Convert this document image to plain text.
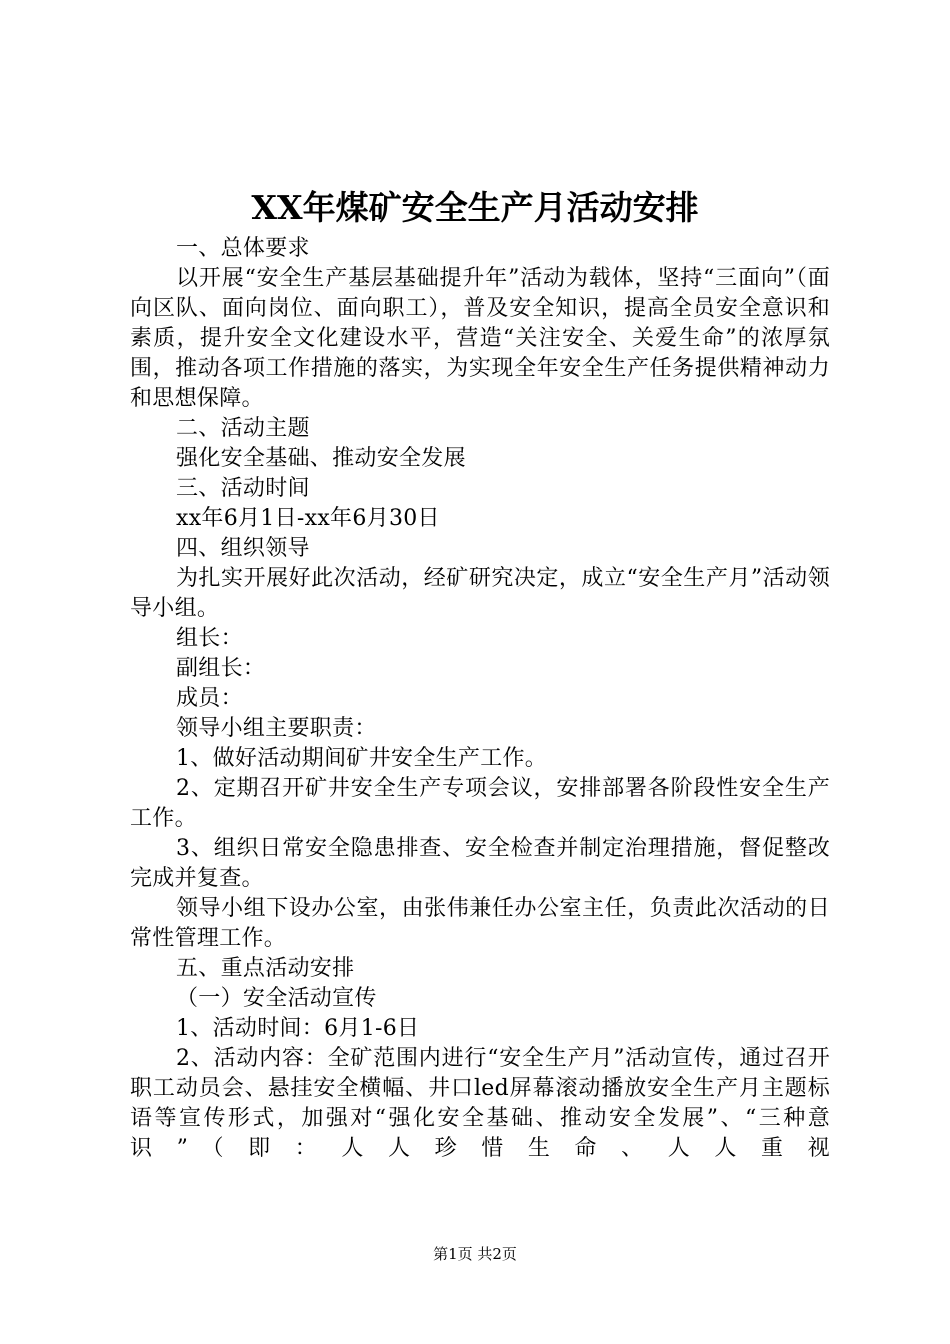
XX年煤矿安全生产月活动安排

一、总体要求

以开展“安全生产基层基础提升年”活动为载体，坚持“三面向”（面向区队、面向岗位、面向职工），普及安全知识，提高全员安全意识和素质，提升安全文化建设水平，营造“关注安全、关爱生命”的浓厚氛围，推动各项工作措施的落实，为实现全年安全生产任务提供精神动力和思想保障。

二、活动主题

强化安全基础、推动安全发展

三、活动时间

xx年6月1日-xx年6月30日

四、组织领导

为扎实开展好此次活动，经矿研究决定，成立“安全生产月”活动领导小组。

组长：

副组长：

成员：

领导小组主要职责：

1、做好活动期间矿井安全生产工作。

2、定期召开矿井安全生产专项会议，安排部署各阶段性安全生产工作。

3、组织日常安全隐患排查、安全检查并制定治理措施，督促整改完成并复查。

领导小组下设办公室，由张伟兼任办公室主任，负责此次活动的日常性管理工作。

五、重点活动安排

（一）安全活动宣传

1、活动时间：6月1-6日

2、活动内容：全矿范围内进行“安全生产月”活动宣传，通过召开职工动员会、悬挂安全横幅、井口led屏幕滚动播放安全生产月主题标语等宣传形式，加强对“强化安全基础、推动安全发展”、“三种意识”（即：人人珍惜生命、人人重视

第1页 共2页
